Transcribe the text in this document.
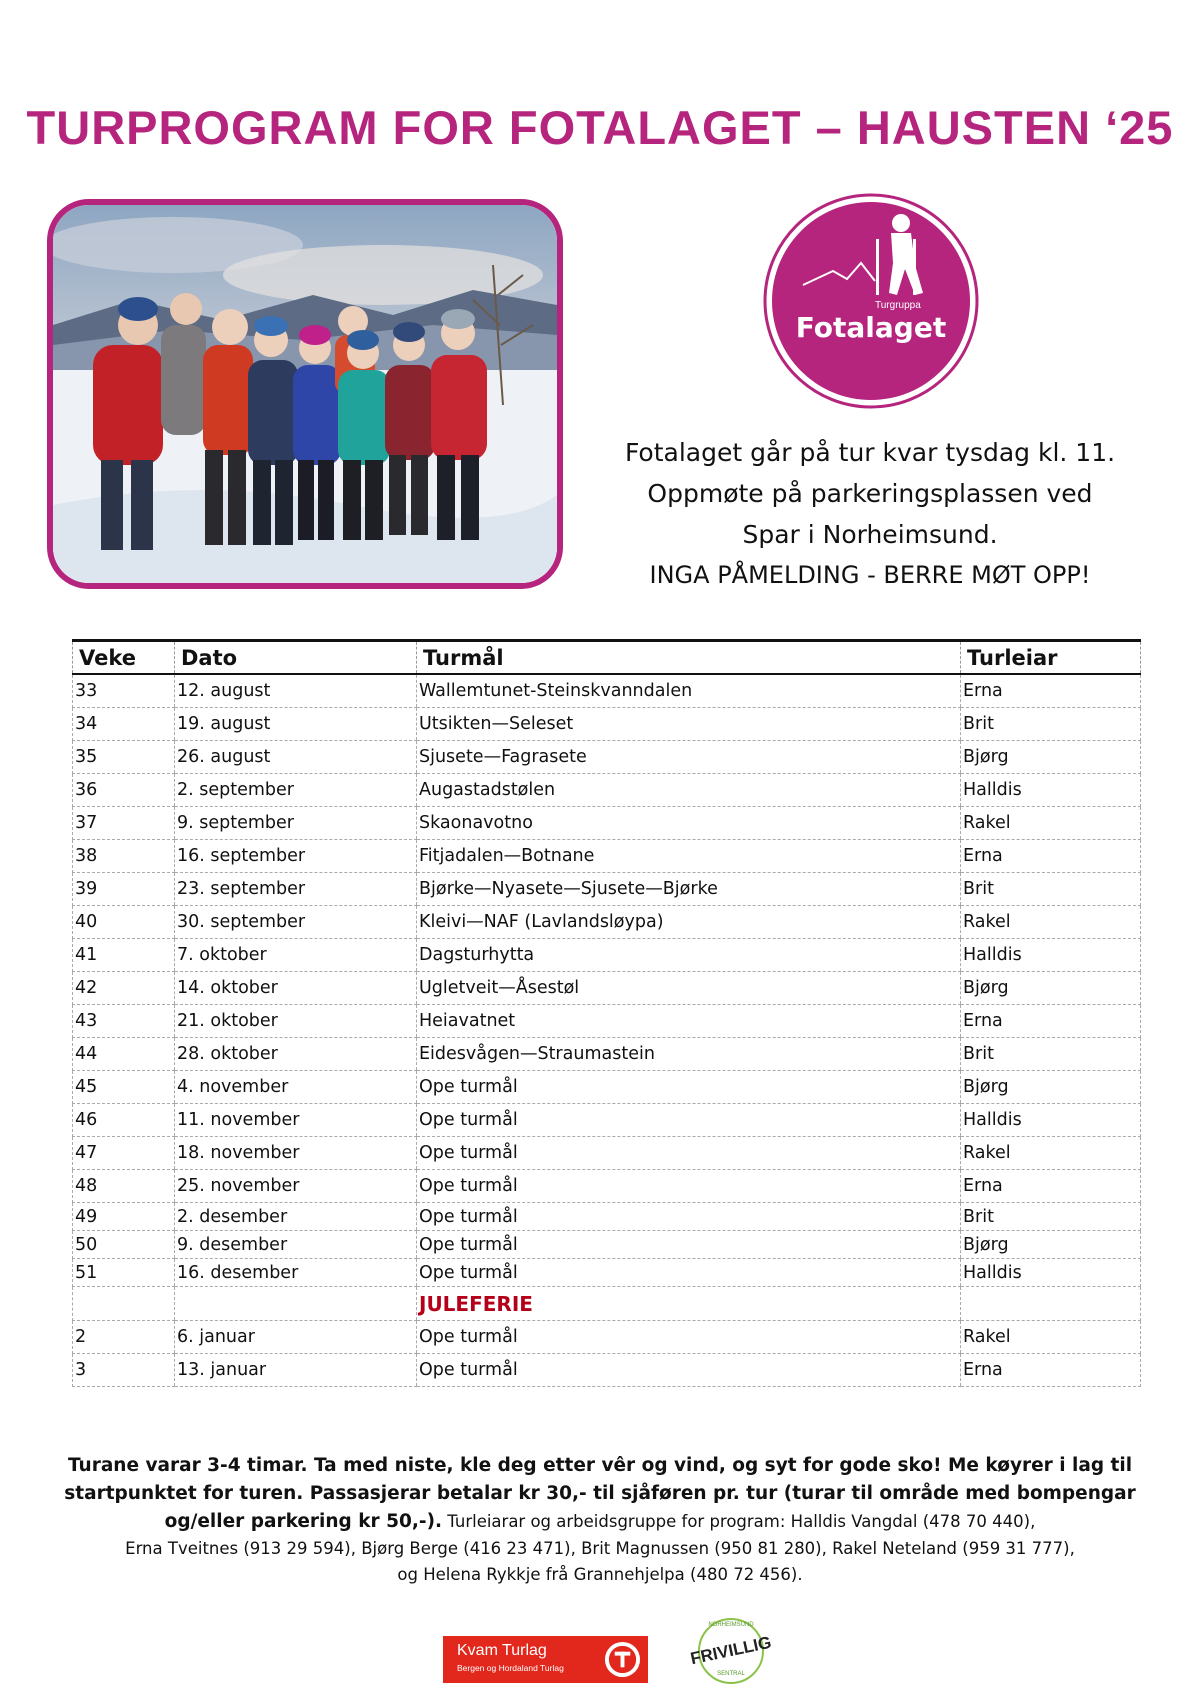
TURPROGRAM FOR FOTALAGET – HAUSTEN ‘25
Turgruppa
Fotalaget
Fotalaget går på tur kvar tysdag kl. 11.
Oppmøte på parkeringsplassen ved
Spar i Norheimsund.
INGA PÅMELDING - BERRE MØT OPP!
Veke	Dato	Turmål	Turleiar
33	12. august	Wallemtunet-Steinskvanndalen	Erna
34	19. august	Utsikten—Seleset	Brit
35	26. august	Sjusete—Fagrasete	Bjørg
36	2. september	Augastadstølen	Halldis
37	9. september	Skaonavotno	Rakel
38	16. september	Fitjadalen—Botnane	Erna
39	23. september	Bjørke—Nyasete—Sjusete—Bjørke	Brit
40	30. september	Kleivi—NAF (Lavlandsløypa)	Rakel
41	7. oktober	Dagsturhytta	Halldis
42	14. oktober	Ugletveit—Åsestøl	Bjørg
43	21. oktober	Heiavatnet	Erna
44	28. oktober	Eidesvågen—Straumastein	Brit
45	4. november	Ope turmål	Bjørg
46	11. november	Ope turmål	Halldis
47	18. november	Ope turmål	Rakel
48	25. november	Ope turmål	Erna
49	2. desember	Ope turmål	Brit
50	9. desember	Ope turmål	Bjørg
51	16. desember	Ope turmål	Halldis
		JULEFERIE	
2	6. januar	Ope turmål	Rakel
3	13. januar	Ope turmål	Erna
Turane varar 3-4 timar. Ta med niste, kle deg etter vêr og vind, og syt for gode sko! Me køyrer i lag til startpunktet for turen. Passasjerar betalar kr 30,- til sjåføren pr. tur (turar til område med bompengar og/eller parkering kr 50,-). Turleiarar og arbeidsgruppe for program: Halldis Vangdal (478 70 440),
Erna Tveitnes (913 29 594), Bjørg Berge (416 23 471), Brit Magnussen (950 81 280), Rakel Neteland (959 31 777),
og Helena Rykkje frå Grannehjelpa (480 72 456).
Kvam Turlag
Bergen og Hordaland Turlag
NORHEIMSUND
FRIVILLIG
SENTRAL
